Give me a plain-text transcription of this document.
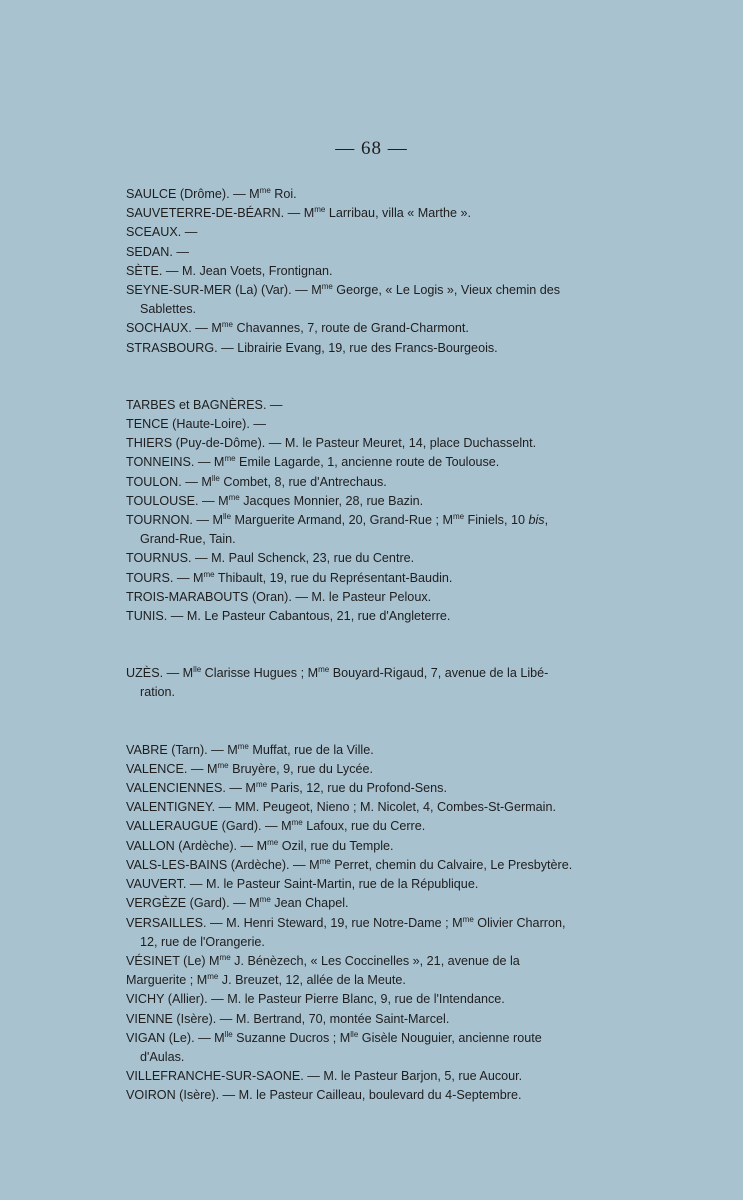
— 68 —
SAULCE (Drôme). — $M^{me}$ Roi.
SAUVETERRE-DE-BÉARN. — $M^{me}$ Larribau, villa « Marthe ».
SCEAUX. —
SEDAN. —
SÈTE. — M. Jean Voets, Frontignan.
SEYNE-SUR-MER (La) (Var). — $M^{me}$ George, « Le Logis », Vieux chemin des
Sablettes.
SOCHAUX. — $M^{me}$ Chavannes, 7, route de Grand-Charmont.
STRASBOURG. — Librairie Evang, 19, rue des Francs-Bourgeois.
TARBES et BAGNÈRES. —
TENCE (Haute-Loire). —
THIERS (Puy-de-Dôme). — M. le Pasteur Meuret, 14, place Duchasselnt.
TONNEINS. — $M^{me}$ Emile Lagarde, 1, ancienne route de Toulouse.
TOULON. — $M^{lle}$ Combet, 8, rue d'Antrechaus.
TOULOUSE. — $M^{me}$ Jacques Monnier, 28, rue Bazin.
TOURNON. — $M^{lle}$ Marguerite Armand, 20, Grand-Rue ; $M^{me}$ Finiels, 10 bis,
Grand-Rue, Tain.
TOURNUS. — M. Paul Schenck, 23, rue du Centre.
TOURS. — $M^{me}$ Thibault, 19, rue du Représentant-Baudin.
TROIS-MARABOUTS (Oran). — M. le Pasteur Peloux.
TUNIS. — M. Le Pasteur Cabantous, 21, rue d'Angleterre.
UZÈS. — $M^{lle}$ Clarisse Hugues ; $M^{me}$ Bouyard-Rigaud, 7, avenue de la Libé-
ration.
VABRE (Tarn). — $M^{me}$ Muffat, rue de la Ville.
VALENCE. — $M^{me}$ Bruyère, 9, rue du Lycée.
VALENCIENNES. — $M^{me}$ Paris, 12, rue du Profond-Sens.
VALENTIGNEY. — MM. Peugeot, Nieno ; M. Nicolet, 4, Combes-St-Germain.
VALLERAUGUE (Gard). — $M^{me}$ Lafoux, rue du Cerre.
VALLON (Ardèche). — $M^{me}$ Ozil, rue du Temple.
VALS-LES-BAINS (Ardèche). — $M^{me}$ Perret, chemin du Calvaire, Le Presbytère.
VAUVERT. — M. le Pasteur Saint-Martin, rue de la République.
VERGÈZE (Gard). — $M^{me}$ Jean Chapel.
VERSAILLES. — M. Henri Steward, 19, rue Notre-Dame ; $M^{me}$ Olivier Charron,
12, rue de l'Orangerie.
VÉSINET (Le) $M^{me}$ J. Bénèzech, « Les Coccinelles », 21, avenue de la
Marguerite ; $M^{me}$ J. Breuzet, 12, allée de la Meute.
VICHY (Allier). — M. le Pasteur Pierre Blanc, 9, rue de l'Intendance.
VIENNE (Isère). — M. Bertrand, 70, montée Saint-Marcel.
VIGAN (Le). — $M^{lle}$ Suzanne Ducros ; $M^{lle}$ Gisèle Nouguier, ancienne route
d'Aulas.
VILLEFRANCHE-SUR-SAONE. — M. le Pasteur Barjon, 5, rue Aucour.
VOIRON (Isère). — M. le Pasteur Cailleau, boulevard du 4-Septembre.
